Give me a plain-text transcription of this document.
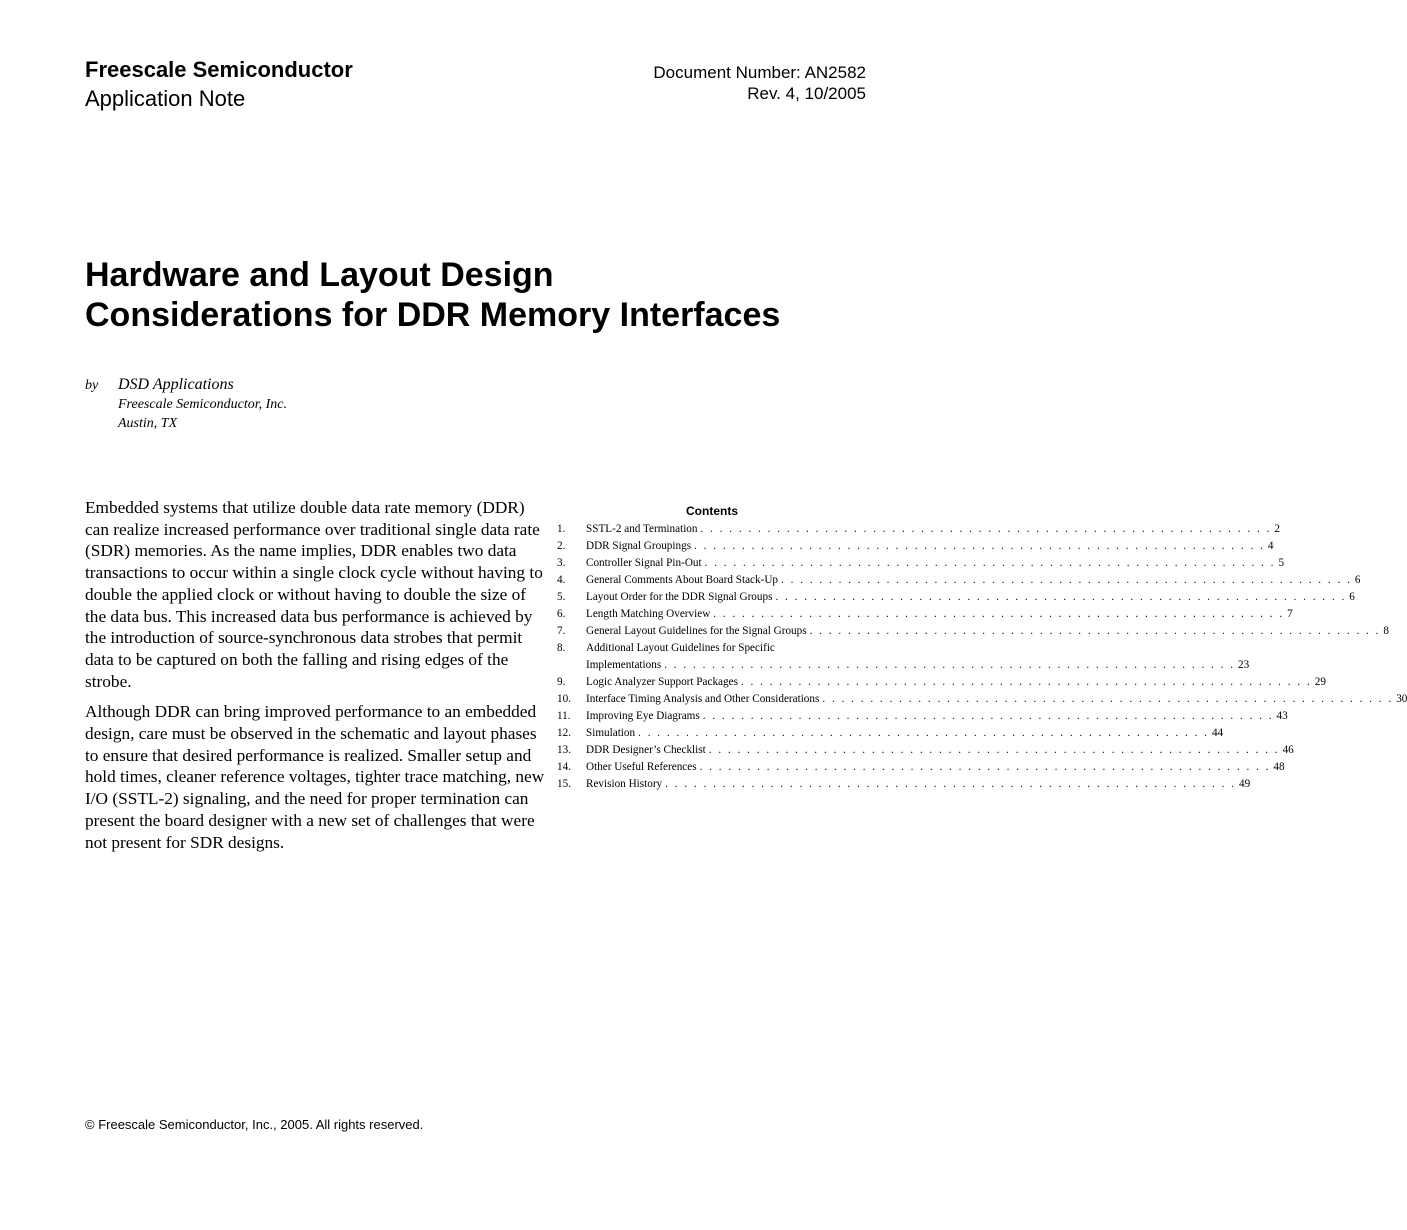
Freescale Semiconductor
Application Note
Document Number: AN2582
Rev. 4, 10/2005
Hardware and Layout Design
Considerations for DDR Memory Interfaces
by DSD Applications
Freescale Semiconductor, Inc.
Austin, TX

Embedded systems that utilize double data rate memory (DDR) can realize increased performance over traditional single data rate (SDR) memories. As the name implies, DDR enables two data transactions to occur within a single clock cycle without having to double the applied clock or without having to double the size of the data bus. This increased data bus performance is achieved by the introduction of source-synchronous data strobes that permit data to be captured on both the falling and rising edges of the strobe.

Although DDR can bring improved performance to an embedded design, care must be observed in the schematic and layout phases to ensure that desired performance is realized. Smaller setup and hold times, cleaner reference voltages, tighter trace matching, new I/O (SSTL-2) signaling, and the need for proper termination can present the board designer with a new set of challenges that were not present for SDR designs.

Contents
1.	SSTL-2 and Termination . . . . . . . . . . . . . . . . . . . . . . . . . . . . . . . . . . . . . . . . . . . . . . . . . . . . . . . . . . . . 2
2.	DDR Signal Groupings . . . . . . . . . . . . . . . . . . . . . . . . . . . . . . . . . . . . . . . . . . . . . . . . . . . . . . . . . . . . 4
3.	Controller Signal Pin-Out . . . . . . . . . . . . . . . . . . . . . . . . . . . . . . . . . . . . . . . . . . . . . . . . . . . . . . . . . . . . 5
4.	General Comments About Board Stack-Up . . . . . . . . . . . . . . . . . . . . . . . . . . . . . . . . . . . . . . . . . . . . . . . . . . . . . . . . . . . . 6
5.	Layout Order for the DDR Signal Groups . . . . . . . . . . . . . . . . . . . . . . . . . . . . . . . . . . . . . . . . . . . . . . . . . . . . . . . . . . . . 6
6.	Length Matching Overview . . . . . . . . . . . . . . . . . . . . . . . . . . . . . . . . . . . . . . . . . . . . . . . . . . . . . . . . . . . . 7
7.	General Layout Guidelines for the Signal Groups . . . . . . . . . . . . . . . . . . . . . . . . . . . . . . . . . . . . . . . . . . . . . . . . . . . . . . . . . . . . 8
8.	Additional Layout Guidelines for Specific
Implementations . . . . . . . . . . . . . . . . . . . . . . . . . . . . . . . . . . . . . . . . . . . . . . . . . . . . . . . . . . . . 23
9.	Logic Analyzer Support Packages . . . . . . . . . . . . . . . . . . . . . . . . . . . . . . . . . . . . . . . . . . . . . . . . . . . . . . . . . . . . 29
10.	Interface Timing Analysis and Other Considerations . . . . . . . . . . . . . . . . . . . . . . . . . . . . . . . . . . . . . . . . . . . . . . . . . . . . . . . . . . . . 30
11.	Improving Eye Diagrams . . . . . . . . . . . . . . . . . . . . . . . . . . . . . . . . . . . . . . . . . . . . . . . . . . . . . . . . . . . . 43
12.	Simulation . . . . . . . . . . . . . . . . . . . . . . . . . . . . . . . . . . . . . . . . . . . . . . . . . . . . . . . . . . . . 44
13.	DDR Designer’s Checklist . . . . . . . . . . . . . . . . . . . . . . . . . . . . . . . . . . . . . . . . . . . . . . . . . . . . . . . . . . . . 46
14.	Other Useful References . . . . . . . . . . . . . . . . . . . . . . . . . . . . . . . . . . . . . . . . . . . . . . . . . . . . . . . . . . . . 48
15.	Revision History . . . . . . . . . . . . . . . . . . . . . . . . . . . . . . . . . . . . . . . . . . . . . . . . . . . . . . . . . . . . 49
© Freescale Semiconductor, Inc., 2005. All rights reserved.
